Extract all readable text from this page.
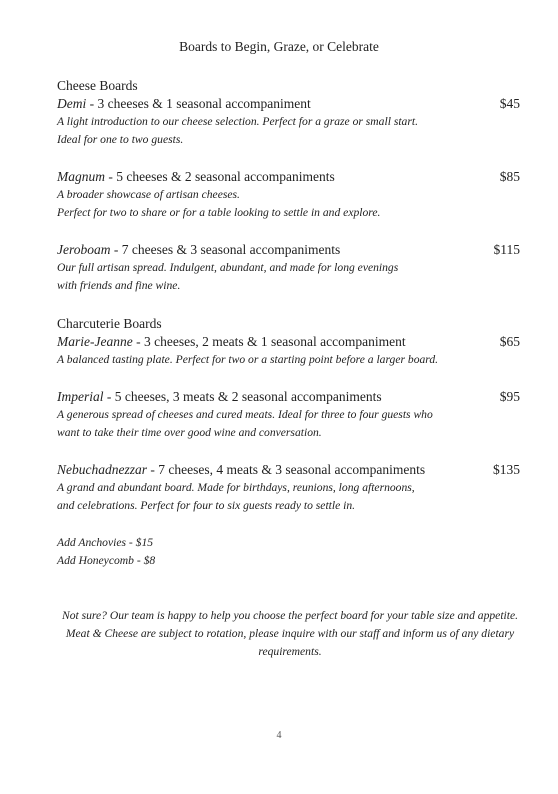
Boards to Begin, Graze, or Celebrate
Cheese Boards
Demi - 3 cheeses & 1 seasonal accompaniment	$45

A light introduction to our cheese selection. Perfect for a graze or small start.

Ideal for one to two guests.

Magnum - 5 cheeses & 2 seasonal accompaniments	$85

A broader showcase of artisan cheeses.

Perfect for two to share or for a table looking to settle in and explore.

Jeroboam - 7 cheeses & 3 seasonal accompaniments	$115

Our full artisan spread. Indulgent, abundant, and made for long evenings

with friends and fine wine.

Charcuterie Boards
Marie-Jeanne - 3 cheeses, 2 meats & 1 seasonal accompaniment	$65

A balanced tasting plate. Perfect for two or a starting point before a larger board.

Imperial - 5 cheeses, 3 meats & 2 seasonal accompaniments	$95

A generous spread of cheeses and cured meats. Ideal for three to four guests who

want to take their time over good wine and conversation.

Nebuchadnezzar - 7 cheeses, 4 meats & 3 seasonal accompaniments	$135

A grand and abundant board. Made for birthdays, reunions, long afternoons,

and celebrations. Perfect for four to six guests ready to settle in.

Add Anchovies - $15
Add Honeycomb - $8
Not sure? Our team is happy to help you choose the perfect board for your table size and appetite.
Meat & Cheese are subject to rotation, please inquire with our staff and inform us of any dietary
requirements.
4
